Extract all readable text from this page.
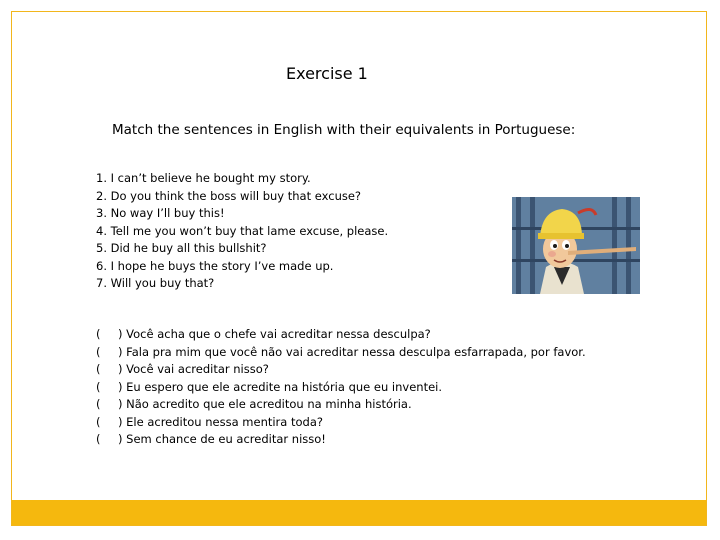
Exercise 1
Match the sentences in English with their equivalents in Portuguese:
1. I can’t believe he bought my story.
2. Do you think the boss will buy that excuse?
3. No way I’ll buy this!
4. Tell me you won’t buy that lame excuse, please.
5. Did he buy all this bullshit?
6. I hope he buys the story I’ve made up.
7. Will you buy that?
(	) Você acha que o chefe vai acreditar nessa desculpa?
(	) Fala pra mim que você não vai acreditar nessa desculpa esfarrapada, por favor.
(	) Você vai acreditar nisso?
(	) Eu espero que ele acredite na história que eu inventei.
(	) Não acredito que ele acreditou na minha história.
(	) Ele acreditou nessa mentira toda?
(	) Sem chance de eu acreditar nisso!
